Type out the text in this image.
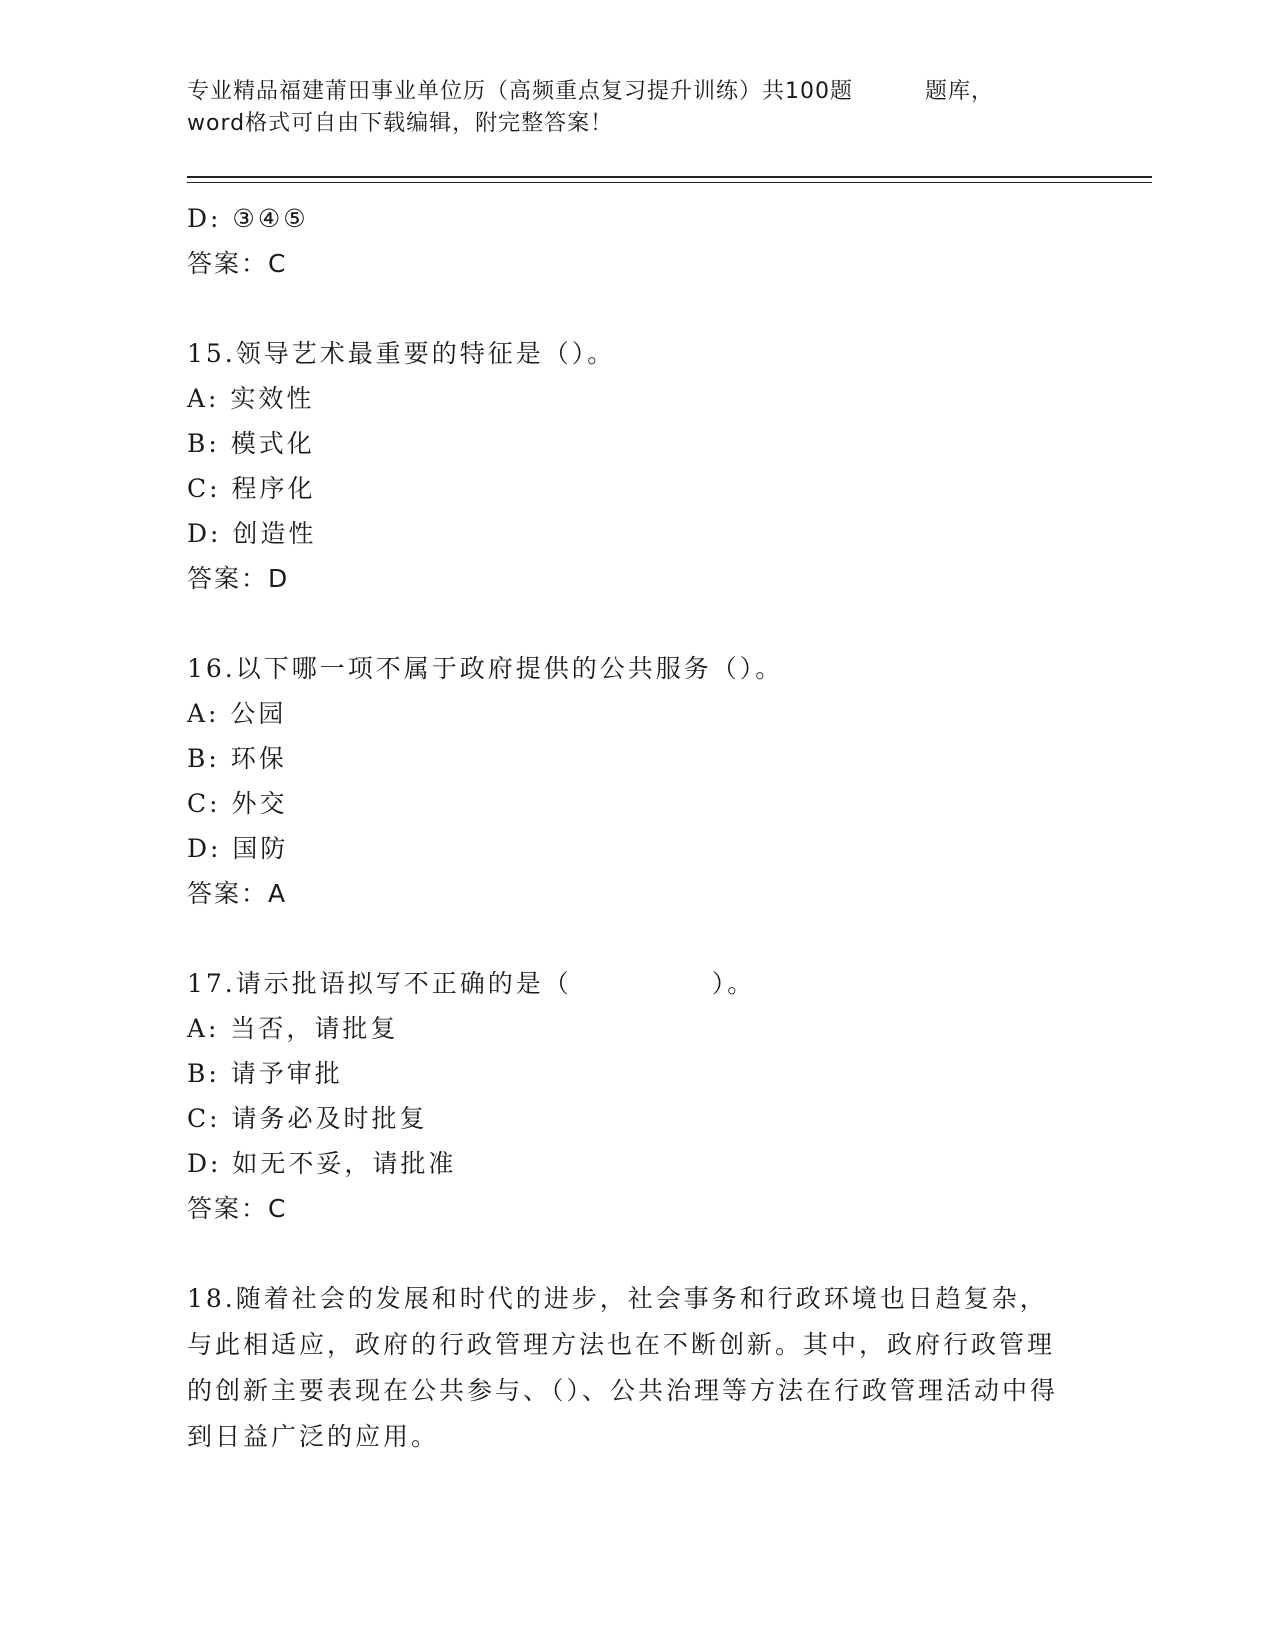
专业精品福建莆田事业单位历（高频重点复习提升训练）共100题	题库，
word格式可自由下载编辑，附完整答案！
D: ③④⑤
答案：C
15.领导艺术最重要的特征是（）。
A: 实效性
B: 模式化
C: 程序化
D: 创造性
答案：D
16.以下哪一项不属于政府提供的公共服务（）。
A: 公园
B: 环保
C: 外交
D: 国防
答案：A
17.请示批语拟写不正确的是（　　　　　）。
A: 当否，请批复
B: 请予审批
C: 请务必及时批复
D: 如无不妥，请批准
答案：C
18.随着社会的发展和时代的进步，社会事务和行政环境也日趋复杂，与此相适应，政府的行政管理方法也在不断创新。其中，政府行政管理的创新主要表现在公共参与、（）、公共治理等方法在行政管理活动中得到日益广泛的应用。
